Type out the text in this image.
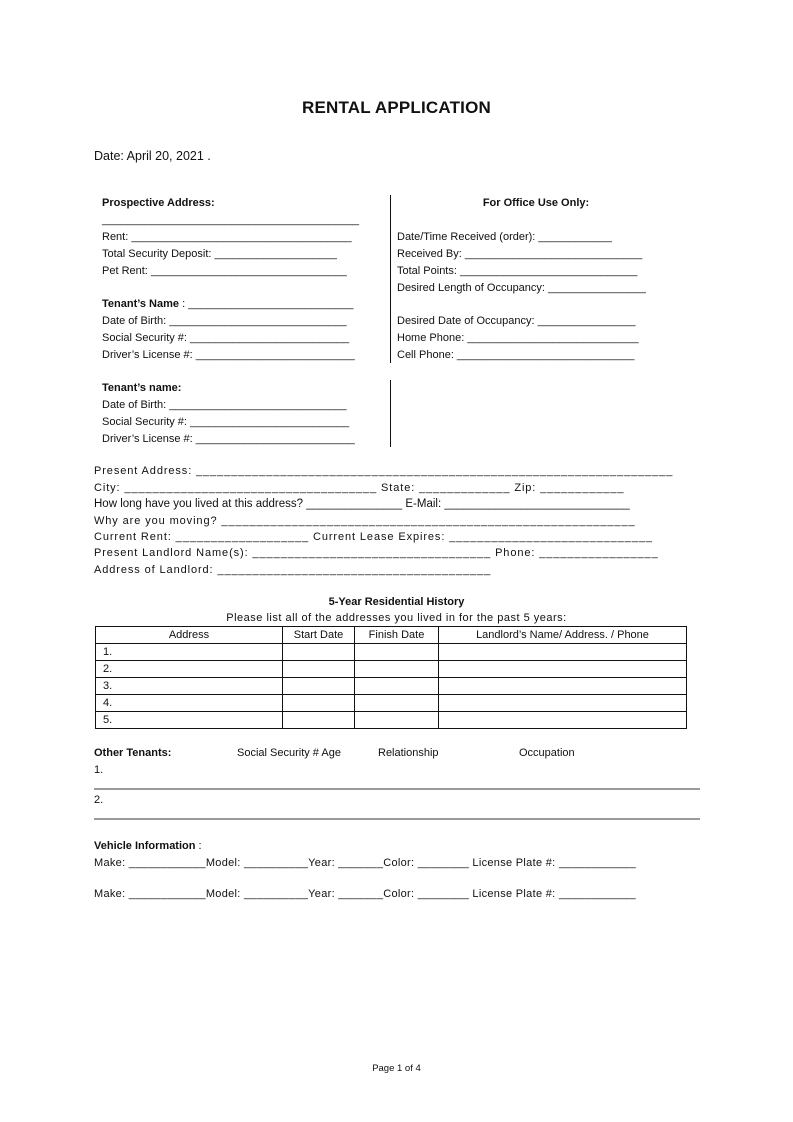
RENTAL APPLICATION
Date: April 20, 2021 .
Prospective Address:
__________________________________________
Rent: ____________________________________
Total Security Deposit: ____________________
Pet Rent: ________________________________
Tenant’s Name : ___________________________
Date of Birth: _____________________________
Social Security #: __________________________
Driver’s License #: __________________________
Tenant’s name:
Date of Birth: _____________________________
Social Security #: __________________________
Driver’s License #: __________________________
For Office Use Only:
Date/Time Received (order): ____________
Received By: _____________________________
Total Points: _____________________________
Desired Length of Occupancy: ________________
Desired Date of Occupancy: ________________
Home Phone: ____________________________
Cell Phone: _____________________________
Present Address: ____________________________________________________________________
City: ____________________________________ State: _____________ Zip: ____________
How long have you lived at this address? _______________ E-Mail: _____________________________
Why are you moving? ___________________________________________________________
Current Rent: ___________________ Current Lease Expires: _____________________________
Present Landlord Name(s): __________________________________ Phone: _________________
Address of Landlord: _______________________________________
5-Year Residential History
Please list all of the addresses you lived in for the past 5 years:
Address	Start Date	Finish Date	Landlord’s Name/ Address. / Phone
1.			
2.			
3.			
4.			
5.			
Other Tenants:	Social Security # Age	Relationship	Occupation
1.
2.
Vehicle Information :
Make: ____________Model: __________Year: _______Color: ________ License Plate #: ____________
Make: ____________Model: __________Year: _______Color: ________ License Plate #: ____________
Page 1 of 4
